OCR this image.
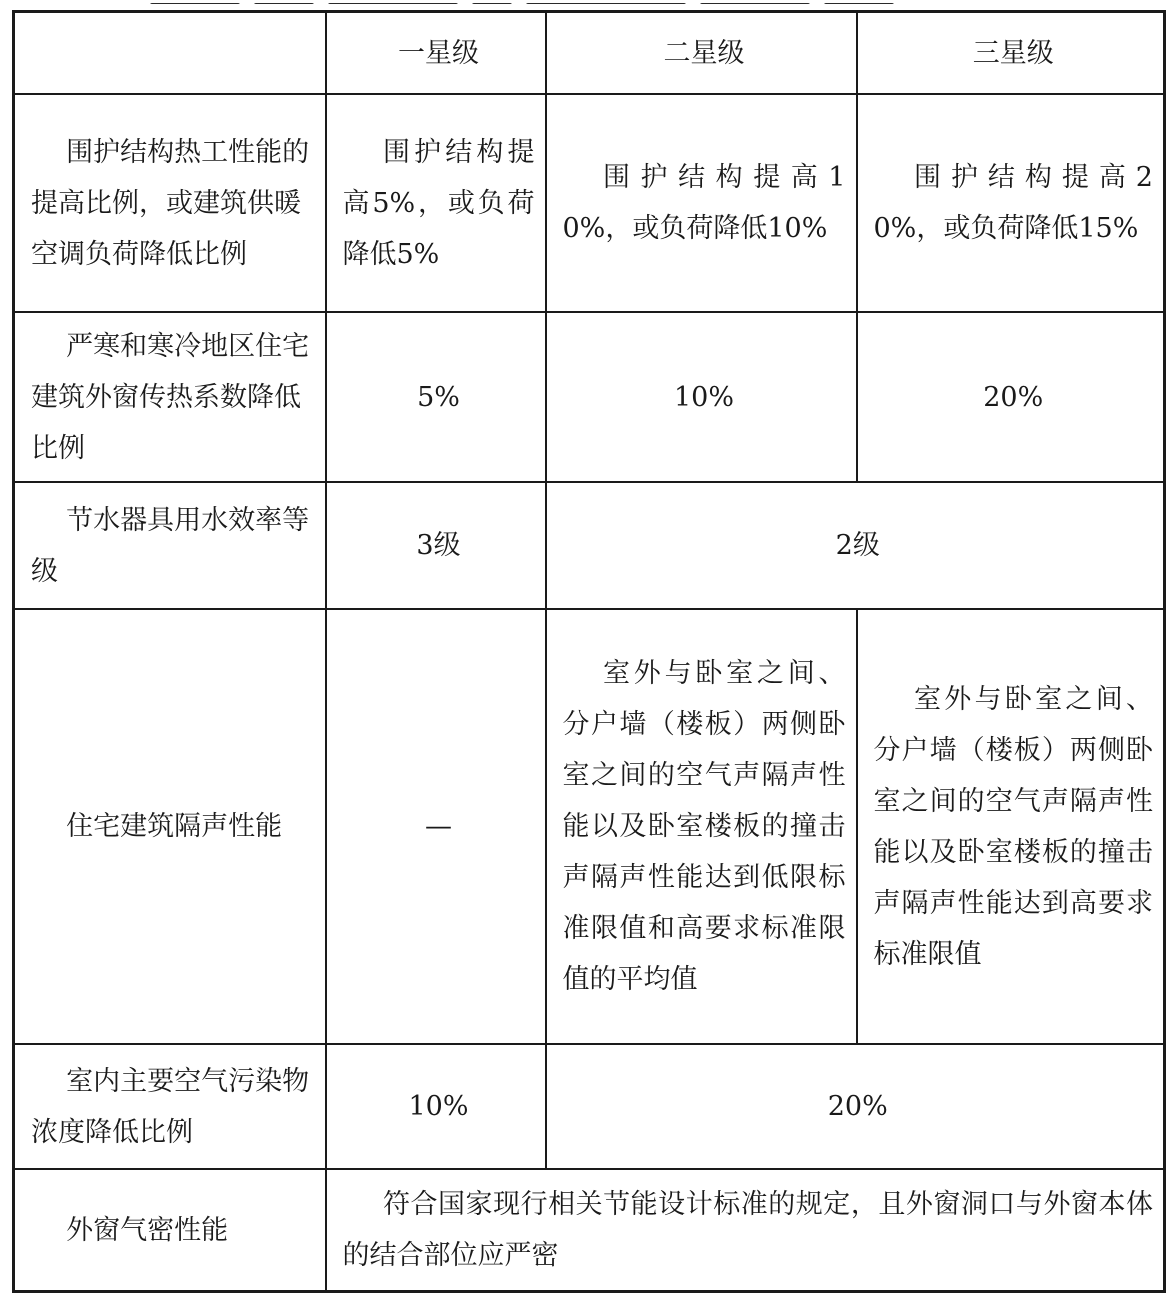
	一星级	二星级	三星级

围护结构热工性能的提高比例，或建筑供暖空调负荷降低比例	围护结构提高5%，或负荷降低5%	围护结构提高10%，或负荷降低10%	围护结构提高20%，或负荷降低15%

严寒和寒冷地区住宅建筑外窗传热系数降低比例	5%	10%	20%

节水器具用水效率等级	3级	2级	

住宅建筑隔声性能	—	室外与卧室之间、分户墙（楼板）两侧卧室之间的空气声隔声性能以及卧室楼板的撞击声隔声性能达到低限标准限值和高要求标准限值的平均值	室外与卧室之间、分户墙（楼板）两侧卧室之间的空气声隔声性能以及卧室楼板的撞击声隔声性能达到高要求标准限值

室内主要空气污染物浓度降低比例	10%	20%	

外窗气密性能	符合国家现行相关节能设计标准的规定，且外窗洞口与外窗本体的结合部位应严密		
